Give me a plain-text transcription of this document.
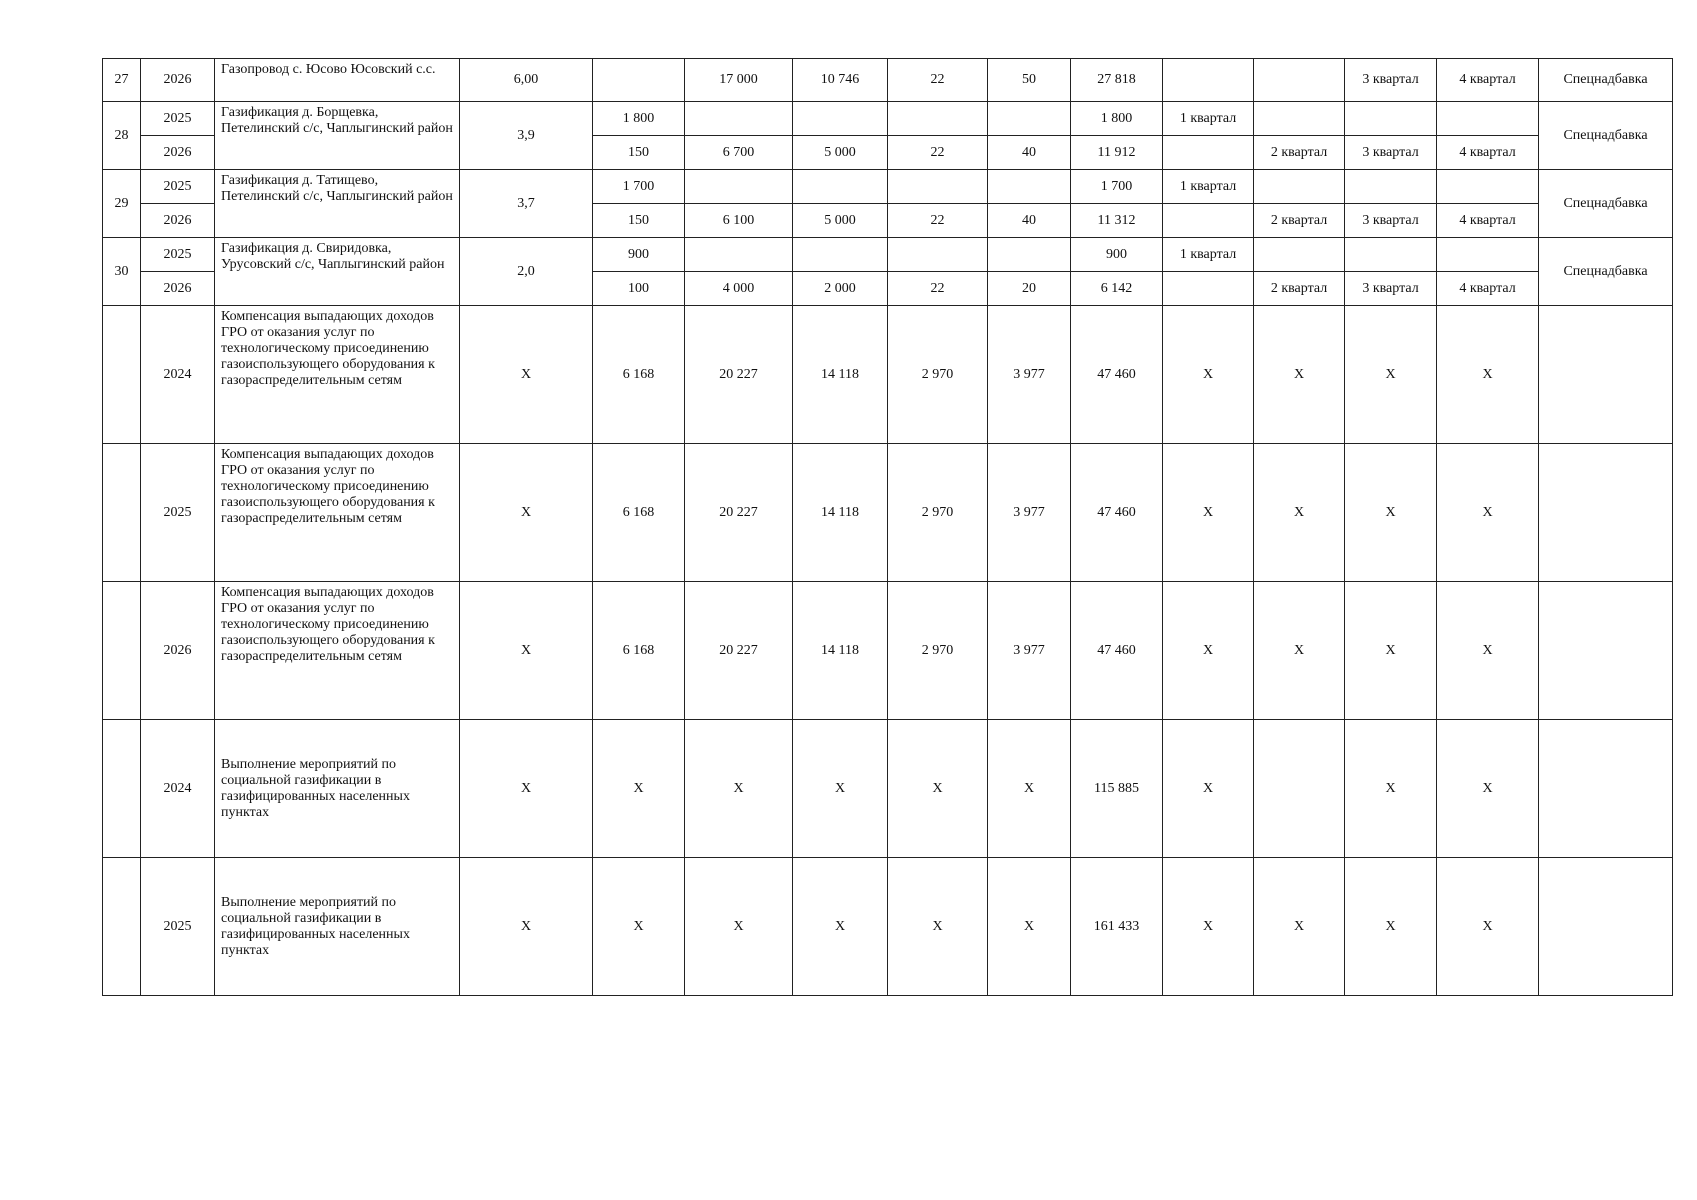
27	2026	Газопровод с. Юсово Юсовский с.с.	6,00		17 000	10 746	22	50	27 818			3 квартал	4 квартал	Спецнадбавка
28	2025	Газификация д. Борщевка, Петелинский с/с, Чаплыгинский район	3,9	1 800					1 800	1 квартал				Спецнадбавка
	2026			150	6 700	5 000	22	40	11 912		2 квартал	3 квартал	4 квартал	
29	2025	Газификация д. Татищево, Петелинский с/с, Чаплыгинский район	3,7	1 700					1 700	1 квартал				Спецнадбавка
	2026			150	6 100	5 000	22	40	11 312		2 квартал	3 квартал	4 квартал	
30	2025	Газификация д. Свиридовка, Урусовский с/с, Чаплыгинский район	2,0	900					900	1 квартал				Спецнадбавка
	2026			100	4 000	2 000	22	20	6 142		2 квартал	3 квартал	4 квартал	
	2024	Компенсация выпадающих доходов ГРО от оказания услуг по технологическому присоединению газоиспользующего оборудования к газораспределительным сетям	X	6 168	20 227	14 118	2 970	3 977	47 460	X	X	X	X	
	2025	Компенсация выпадающих доходов ГРО от оказания услуг по технологическому присоединению газоиспользующего оборудования к газораспределительным сетям	X	6 168	20 227	14 118	2 970	3 977	47 460	X	X	X	X	
	2026	Компенсация выпадающих доходов ГРО от оказания услуг по технологическому присоединению газоиспользующего оборудования к газораспределительным сетям	X	6 168	20 227	14 118	2 970	3 977	47 460	X	X	X	X	
	2024	Выполнение мероприятий по социальной газификации в газифицированных населенных пунктах	X	X	X	X	X	X	115 885	X		X	X	
	2025	Выполнение мероприятий по социальной газификации в газифицированных населенных пунктах	X	X	X	X	X	X	161 433	X	X	X	X	
